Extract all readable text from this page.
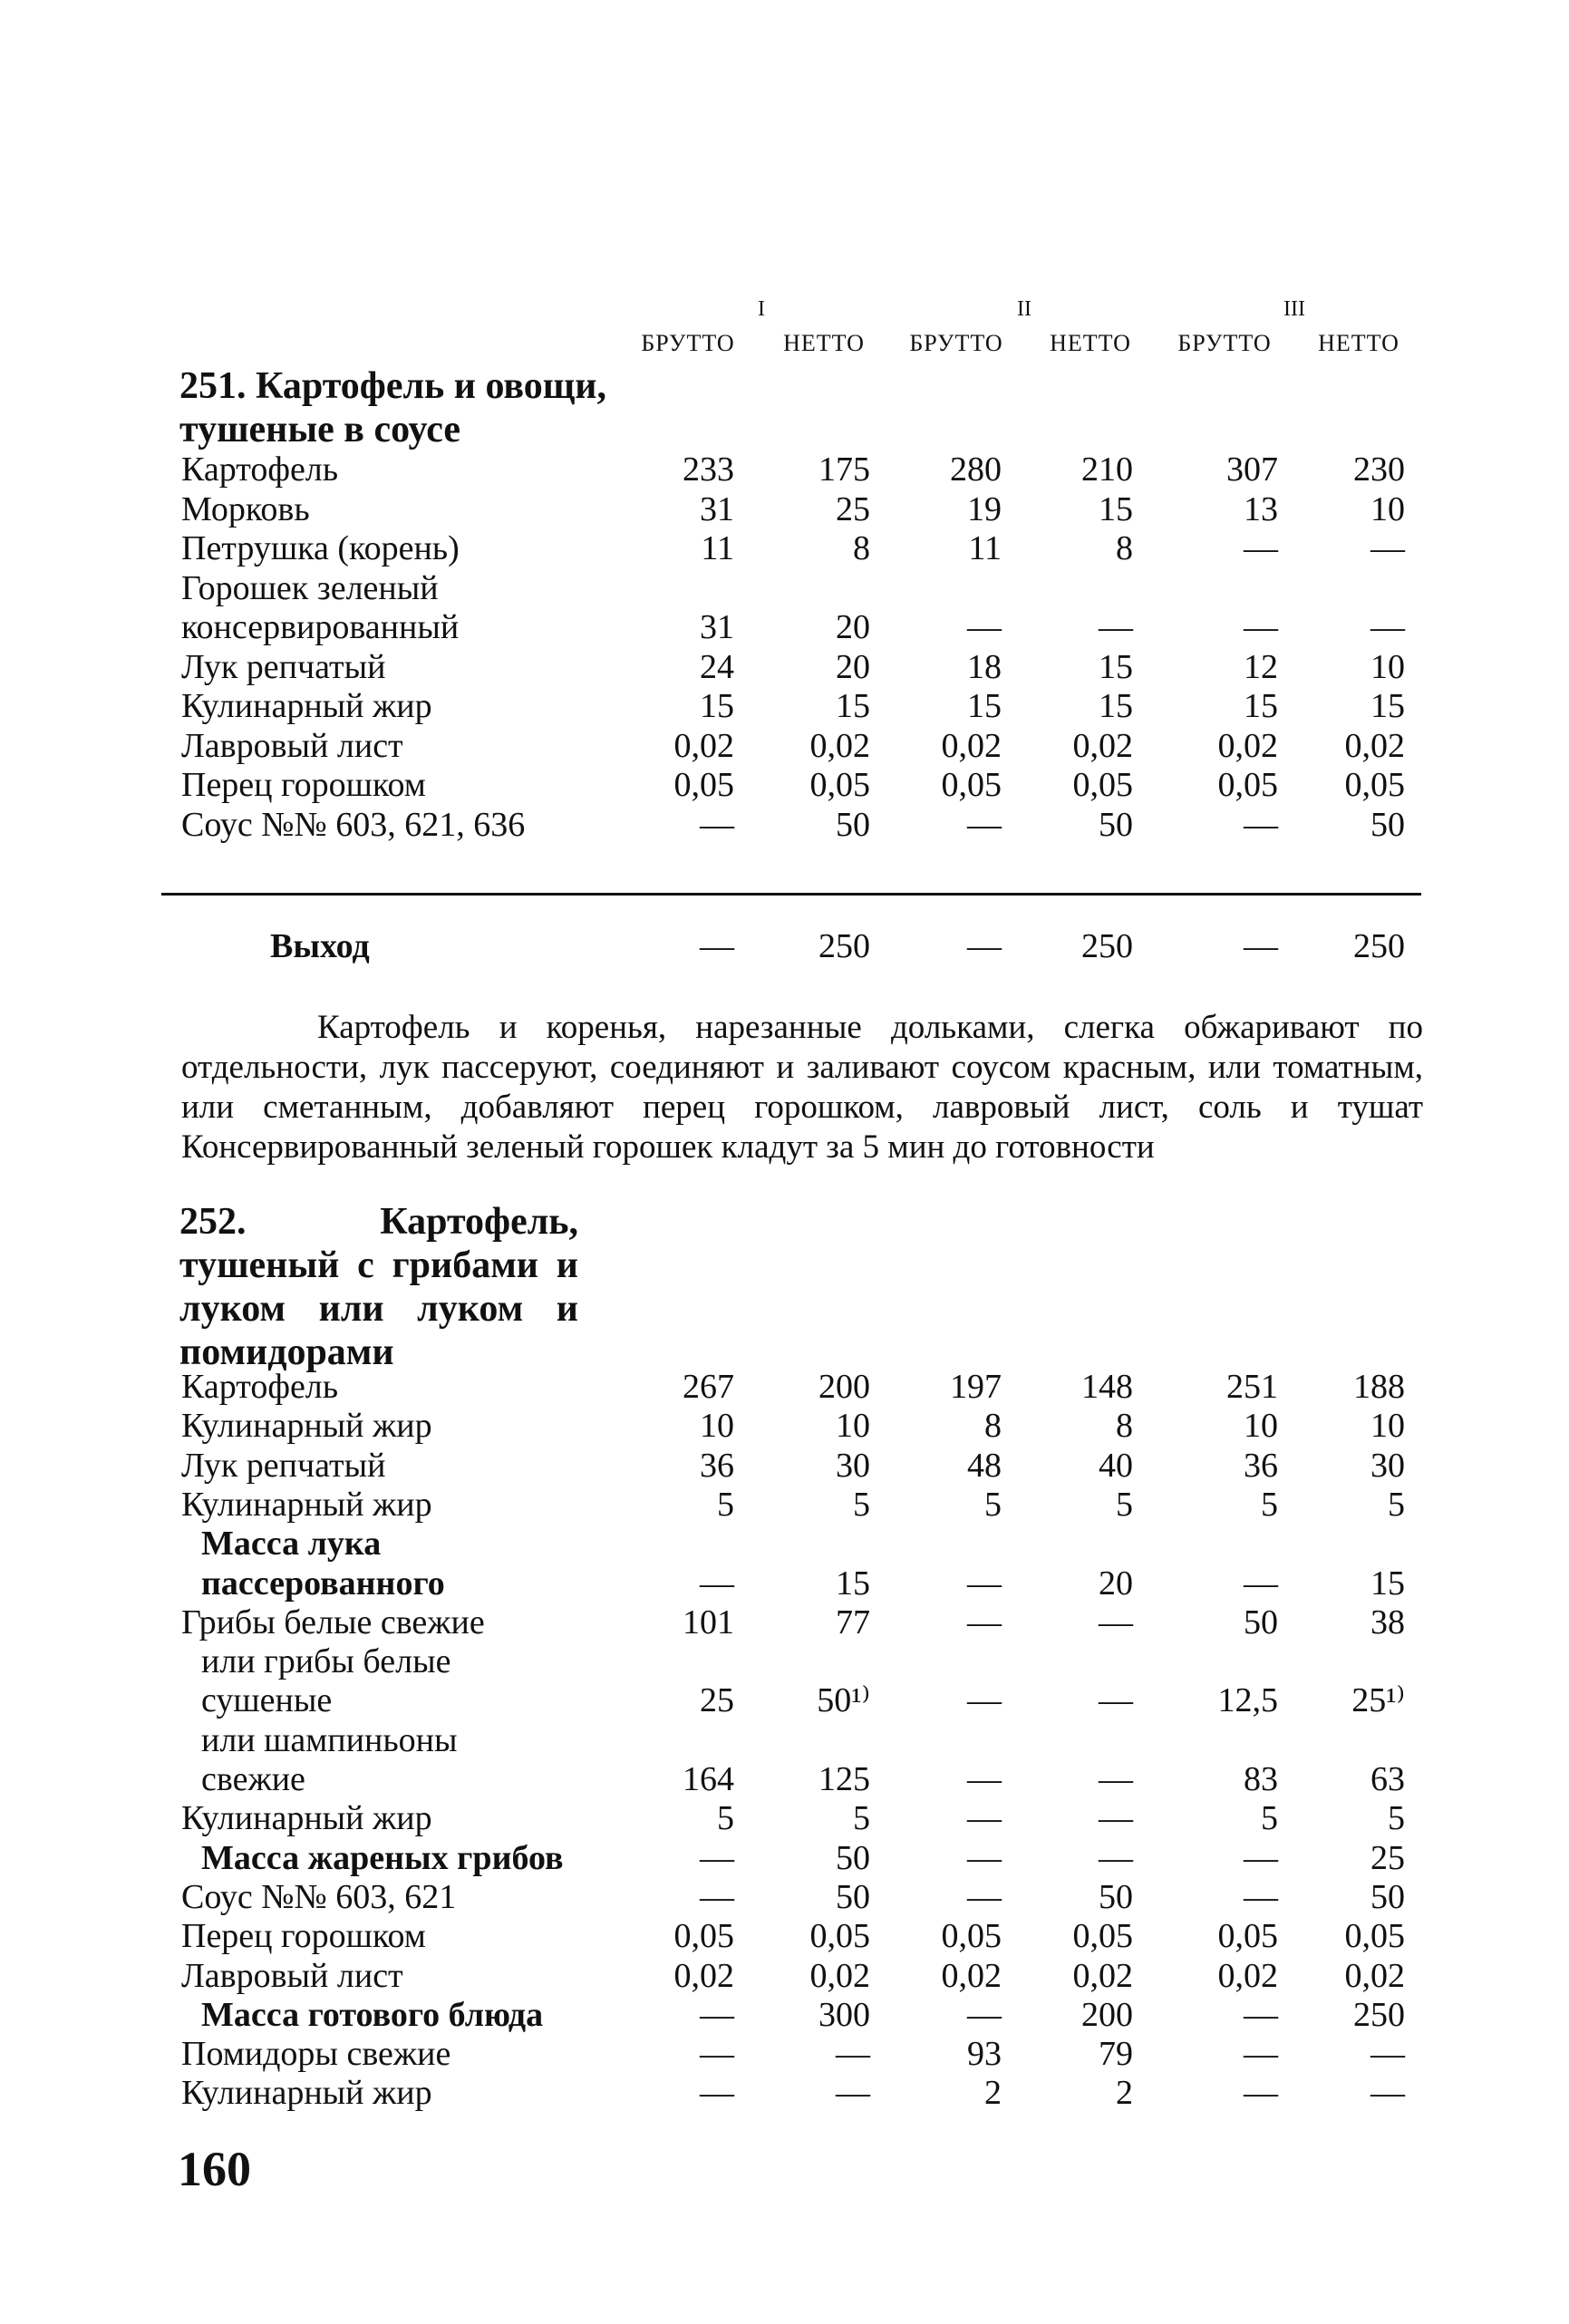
I	II	III
БРУТТО	НЕТТО	БРУТТО	НЕТТО	БРУТТО	НЕТТО
251. Картофель и овощи, тушеные в соусе
Картофель	233	175	280	210	307	230
Морковь	31	25	19	15	13	10
Петрушка (корень)	11	8	11	8	—	—
Горошек зеленый
консервированный	31	20	—	—	—	—
Лук репчатый	24	20	18	15	12	10
Кулинарный жир	15	15	15	15	15	15
Лавровый лист	0,02	0,02	0,02	0,02	0,02	0,02
Перец горошком	0,05	0,05	0,05	0,05	0,05	0,05
Соус №№ 603, 621, 636	—	50	—	50	—	50
Выход	—	250	—	250	—	250

Картофель и коренья, нарезанные дольками, слегка обжаривают по отдельности, лук пассеруют, соединяют и заливают соусом красным, или томатным, или сметанным, добавляют перец горошком, лавровый лист, соль и тушат Консервированный зеленый горошек кладут за 5 мин до готовности

252. Картофель, тушеный с грибами и луком или луком и помидорами
Картофель	267	200	197	148	251	188
Кулинарный жир	10	10	8	8	10	10
Лук репчатый	36	30	48	40	36	30
Кулинарный жир	5	5	5	5	5	5
Масса лука
пассерованного	—	15	—	20	—	15
Грибы белые свежие	101	77	—	—	50	38
или грибы белые
сушеные	25	50¹⁾	—	—	12,5	25¹⁾
или шампиньоны
свежие	164	125	—	—	83	63
Кулинарный жир	5	5	—	—	5	5
Масса жареных грибов	—	50	—	—	—	25
Соус №№ 603, 621	—	50	—	50	—	50
Перец горошком	0,05	0,05	0,05	0,05	0,05	0,05
Лавровый лист	0,02	0,02	0,02	0,02	0,02	0,02
Масса готового блюда	—	300	—	200	—	250
Помидоры свежие	—	—	93	79	—	—
Кулинарный жир	—	—	2	2	—	—
160
